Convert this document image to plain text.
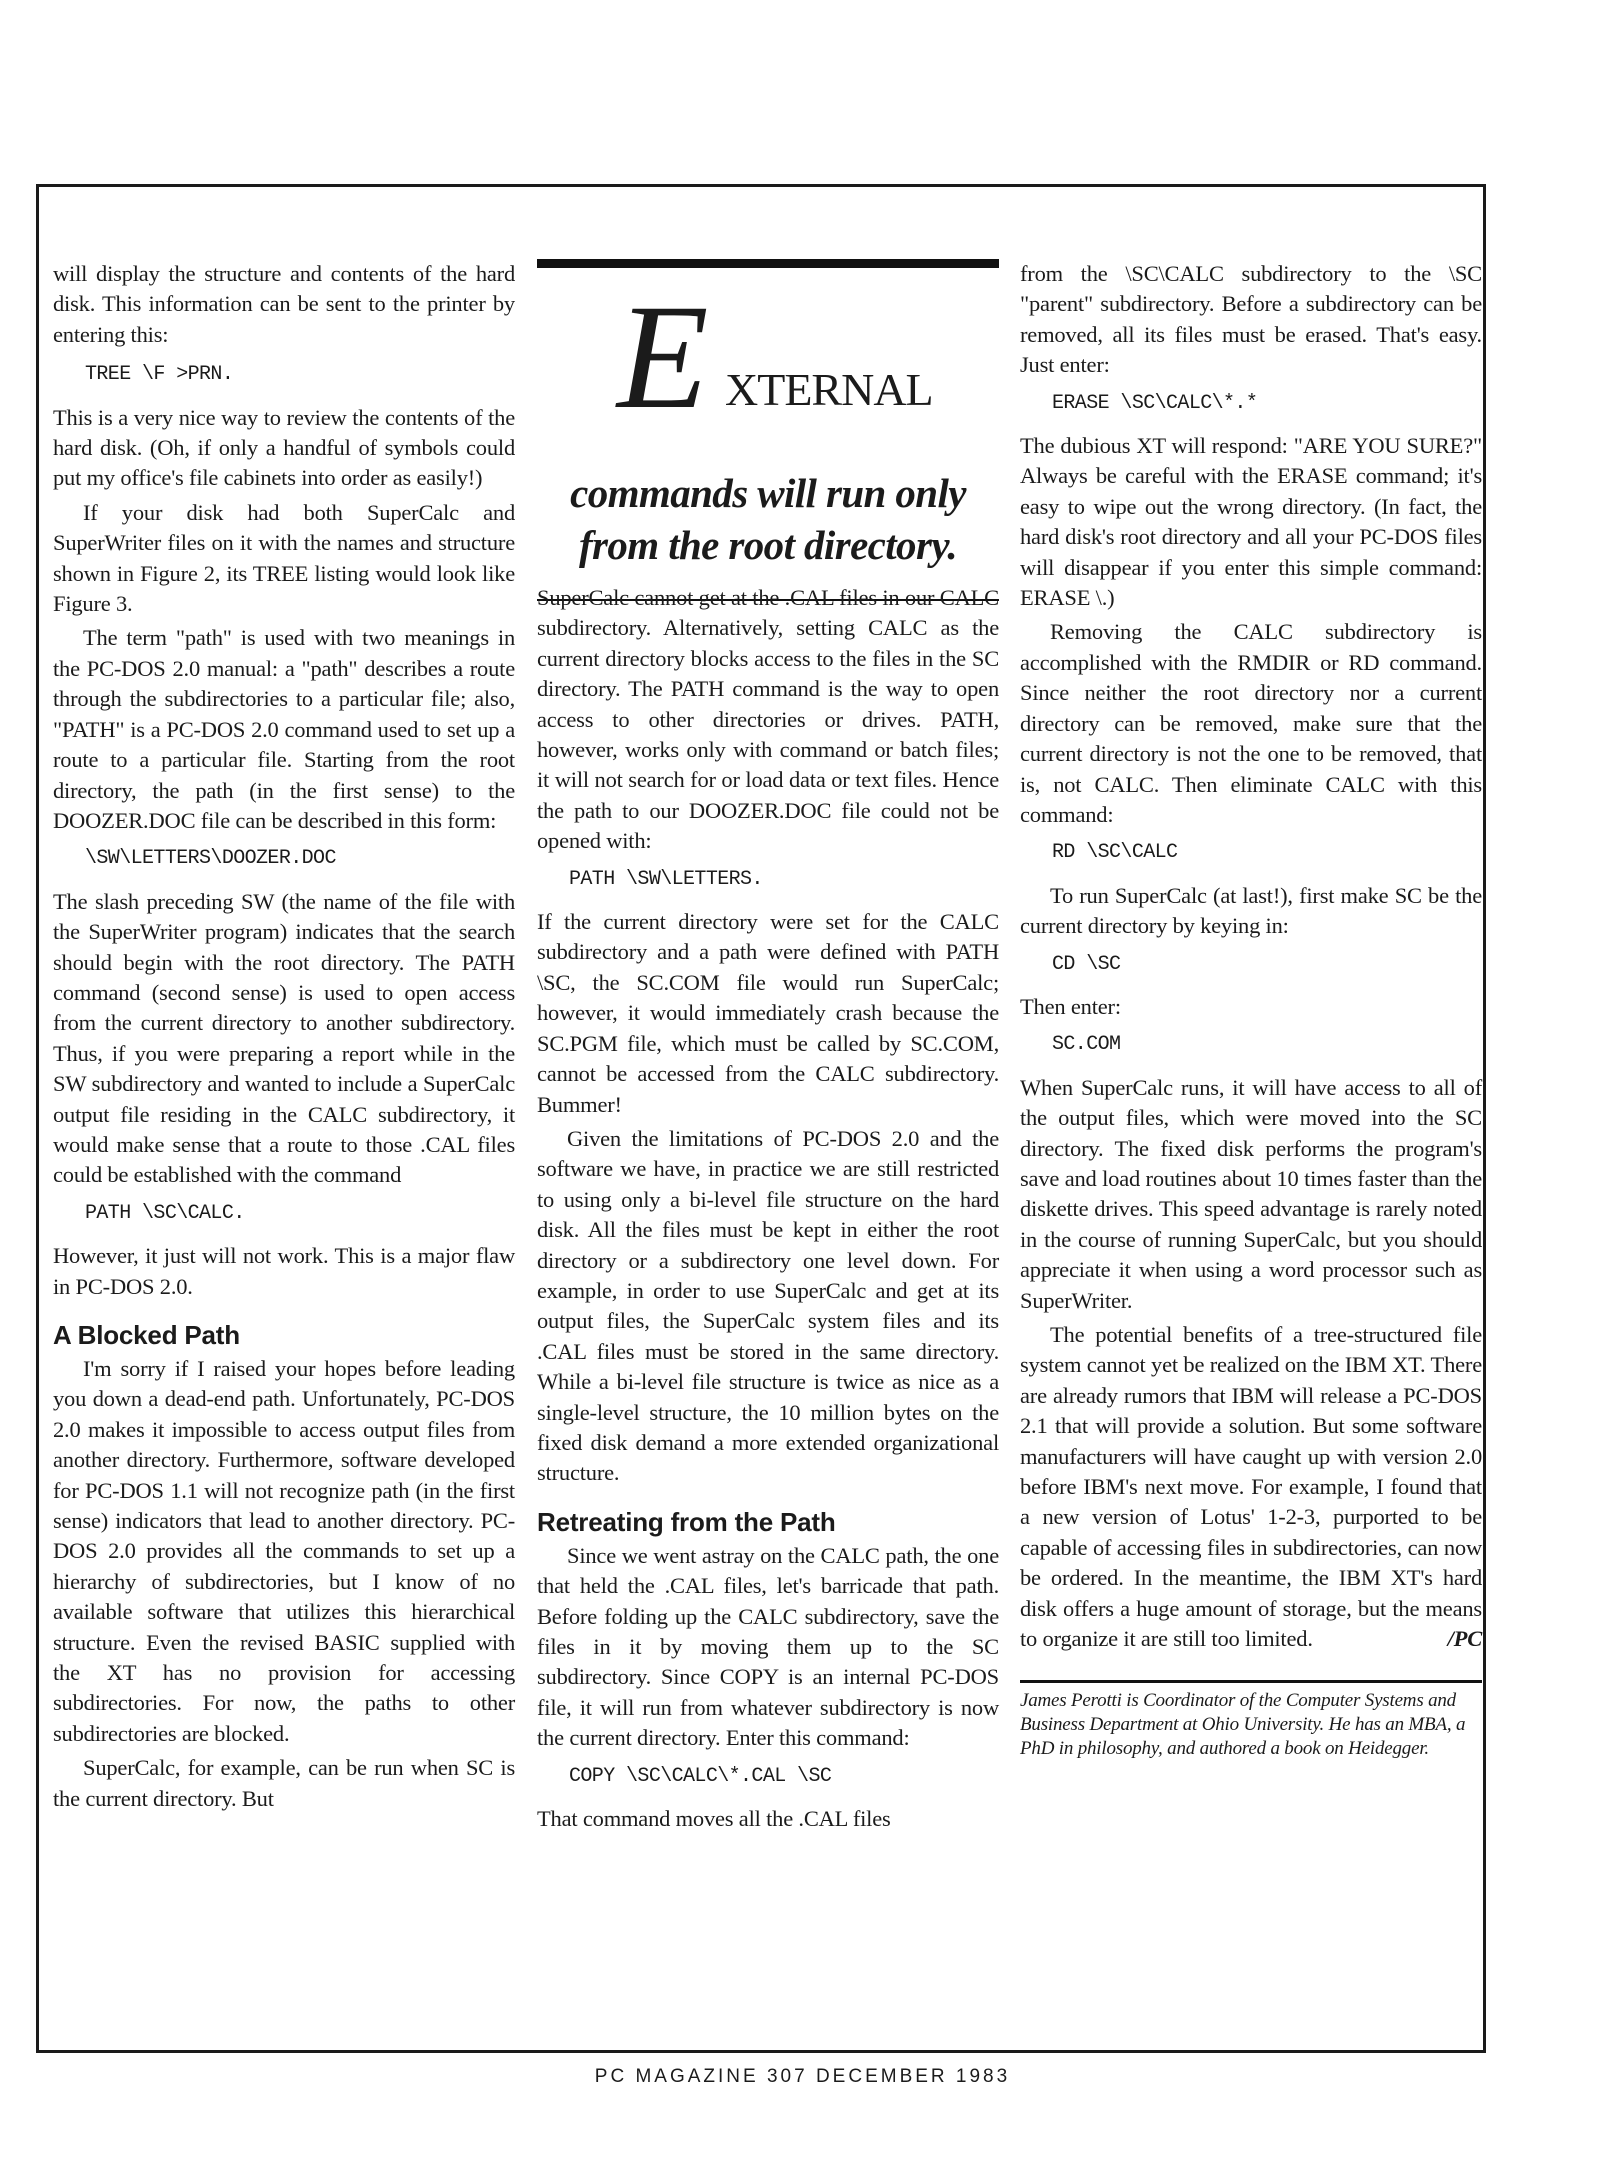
will display the structure and contents of the hard disk. This information can be sent to the printer by entering this:

TREE \F >PRN.

This is a very nice way to review the contents of the hard disk. (Oh, if only a handful of symbols could put my office's file cabinets into order as easily!)

If your disk had both SuperCalc and SuperWriter files on it with the names and structure shown in Figure 2, its TREE listing would look like Figure 3.

The term "path" is used with two meanings in the PC-DOS 2.0 manual: a "path" describes a route through the subdirectories to a particular file; also, "PATH" is a PC-DOS 2.0 command used to set up a route to a particular file. Starting from the root directory, the path (in the first sense) to the DOOZER.DOC file can be described in this form:

\SW\LETTERS\DOOZER.DOC

The slash preceding SW (the name of the file with the SuperWriter program) indicates that the search should begin with the root directory. The PATH command (second sense) is used to open access from the current directory to another subdirectory. Thus, if you were preparing a report while in the SW subdirectory and wanted to include a SuperCalc output file residing in the CALC subdirectory, it would make sense that a route to those .CAL files could be established with the command

PATH \SC\CALC.

However, it just will not work. This is a major flaw in PC-DOS 2.0.

A Blocked Path

I'm sorry if I raised your hopes before leading you down a dead-end path. Unfortunately, PC-DOS 2.0 makes it impossible to access output files from another directory. Furthermore, software developed for PC-DOS 1.1 will not recognize path (in the first sense) indicators that lead to another directory. PC-DOS 2.0 provides all the commands to set up a hierarchy of subdirectories, but I know of no available software that utilizes this hierarchical structure. Even the revised BASIC supplied with the XT has no provision for accessing subdirectories. For now, the paths to other subdirectories are blocked.

SuperCalc, for example, can be run when SC is the current directory. But

E XTERNAL
commands will run only from the root directory.

SuperCalc cannot get at the .CAL files in our CALC subdirectory. Alternatively, setting CALC as the current directory blocks access to the files in the SC directory. The PATH command is the way to open access to other directories or drives. PATH, however, works only with command or batch files; it will not search for or load data or text files. Hence the path to our DOOZER.DOC file could not be opened with:

PATH \SW\LETTERS.

If the current directory were set for the CALC subdirectory and a path were defined with PATH \SC, the SC.COM file would run SuperCalc; however, it would immediately crash because the SC.PGM file, which must be called by SC.COM, cannot be accessed from the CALC subdirectory. Bummer!

Given the limitations of PC-DOS 2.0 and the software we have, in practice we are still restricted to using only a bi-level file structure on the hard disk. All the files must be kept in either the root directory or a subdirectory one level down. For example, in order to use SuperCalc and get at its output files, the SuperCalc system files and its .CAL files must be stored in the same directory. While a bi-level file structure is twice as nice as a single-level structure, the 10 million bytes on the fixed disk demand a more extended organizational structure.

Retreating from the Path

Since we went astray on the CALC path, the one that held the .CAL files, let's barricade that path. Before folding up the CALC subdirectory, save the files in it by moving them up to the SC subdirectory. Since COPY is an internal PC-DOS file, it will run from whatever subdirectory is now the current directory. Enter this command:

COPY \SC\CALC\*.CAL \SC

That command moves all the .CAL files

from the \SC\CALC subdirectory to the \SC "parent" subdirectory. Before a subdirectory can be removed, all its files must be erased. That's easy. Just enter:

ERASE \SC\CALC\*.*

The dubious XT will respond: "ARE YOU SURE?" Always be careful with the ERASE command; it's easy to wipe out the wrong directory. (In fact, the hard disk's root directory and all your PC-DOS files will disappear if you enter this simple command: ERASE \.)

Removing the CALC subdirectory is accomplished with the RMDIR or RD command. Since neither the root directory nor a current directory can be removed, make sure that the current directory is not the one to be removed, that is, not CALC. Then eliminate CALC with this command:

RD \SC\CALC

To run SuperCalc (at last!), first make SC be the current directory by keying in:

CD \SC

Then enter:

SC.COM

When SuperCalc runs, it will have access to all of the output files, which were moved into the SC directory. The fixed disk performs the program's save and load routines about 10 times faster than the diskette drives. This speed advantage is rarely noted in the course of running SuperCalc, but you should appreciate it when using a word processor such as SuperWriter.

The potential benefits of a tree-structured file system cannot yet be realized on the IBM XT. There are already rumors that IBM will release a PC-DOS 2.1 that will provide a solution. But some software manufacturers will have caught up with version 2.0 before IBM's next move. For example, I found that a new version of Lotus' 1-2-3, purported to be capable of accessing files in subdirectories, can now be ordered. In the meantime, the IBM XT's hard disk offers a huge amount of storage, but the means to organize it are still too limited.	/PC

James Perotti is Coordinator of the Computer Systems and Business Department at Ohio University. He has an MBA, a PhD in philosophy, and authored a book on Heidegger.
PC MAGAZINE 307 DECEMBER 1983
